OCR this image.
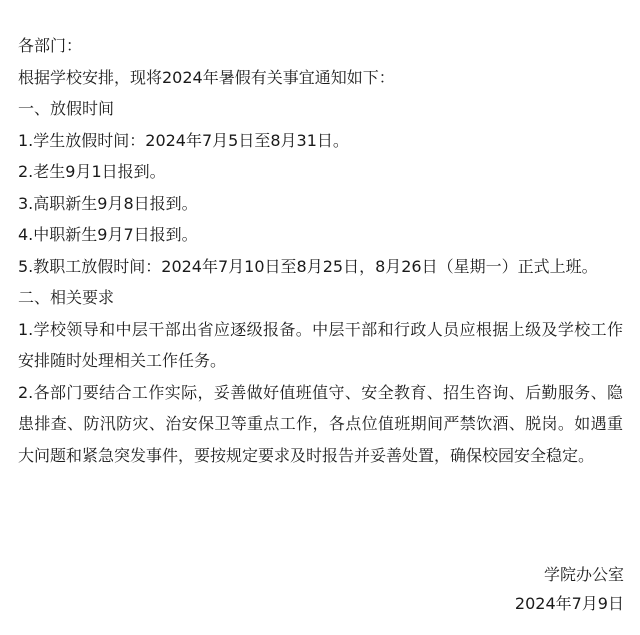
各部门：
根据学校安排，现将2024年暑假有关事宜通知如下：
一、放假时间
1.学生放假时间：2024年7月5日至8月31日。
2.老生9月1日报到。
3.高职新生9月8日报到。
4.中职新生9月7日报到。
5.教职工放假时间：2024年7月10日至8月25日，8月26日（星期一）正式上班。
二、相关要求
1.学校领导和中层干部出省应逐级报备。中层干部和行政人员应根据上级及学校工作安排随时处理相关工作任务。
2.各部门要结合工作实际，妥善做好值班值守、安全教育、招生咨询、后勤服务、隐患排查、防汛防灾、治安保卫等重点工作，各点位值班期间严禁饮酒、脱岗。如遇重大问题和紧急突发事件，要按规定要求及时报告并妥善处置，确保校园安全稳定。
学院办公室
2024年7月9日
